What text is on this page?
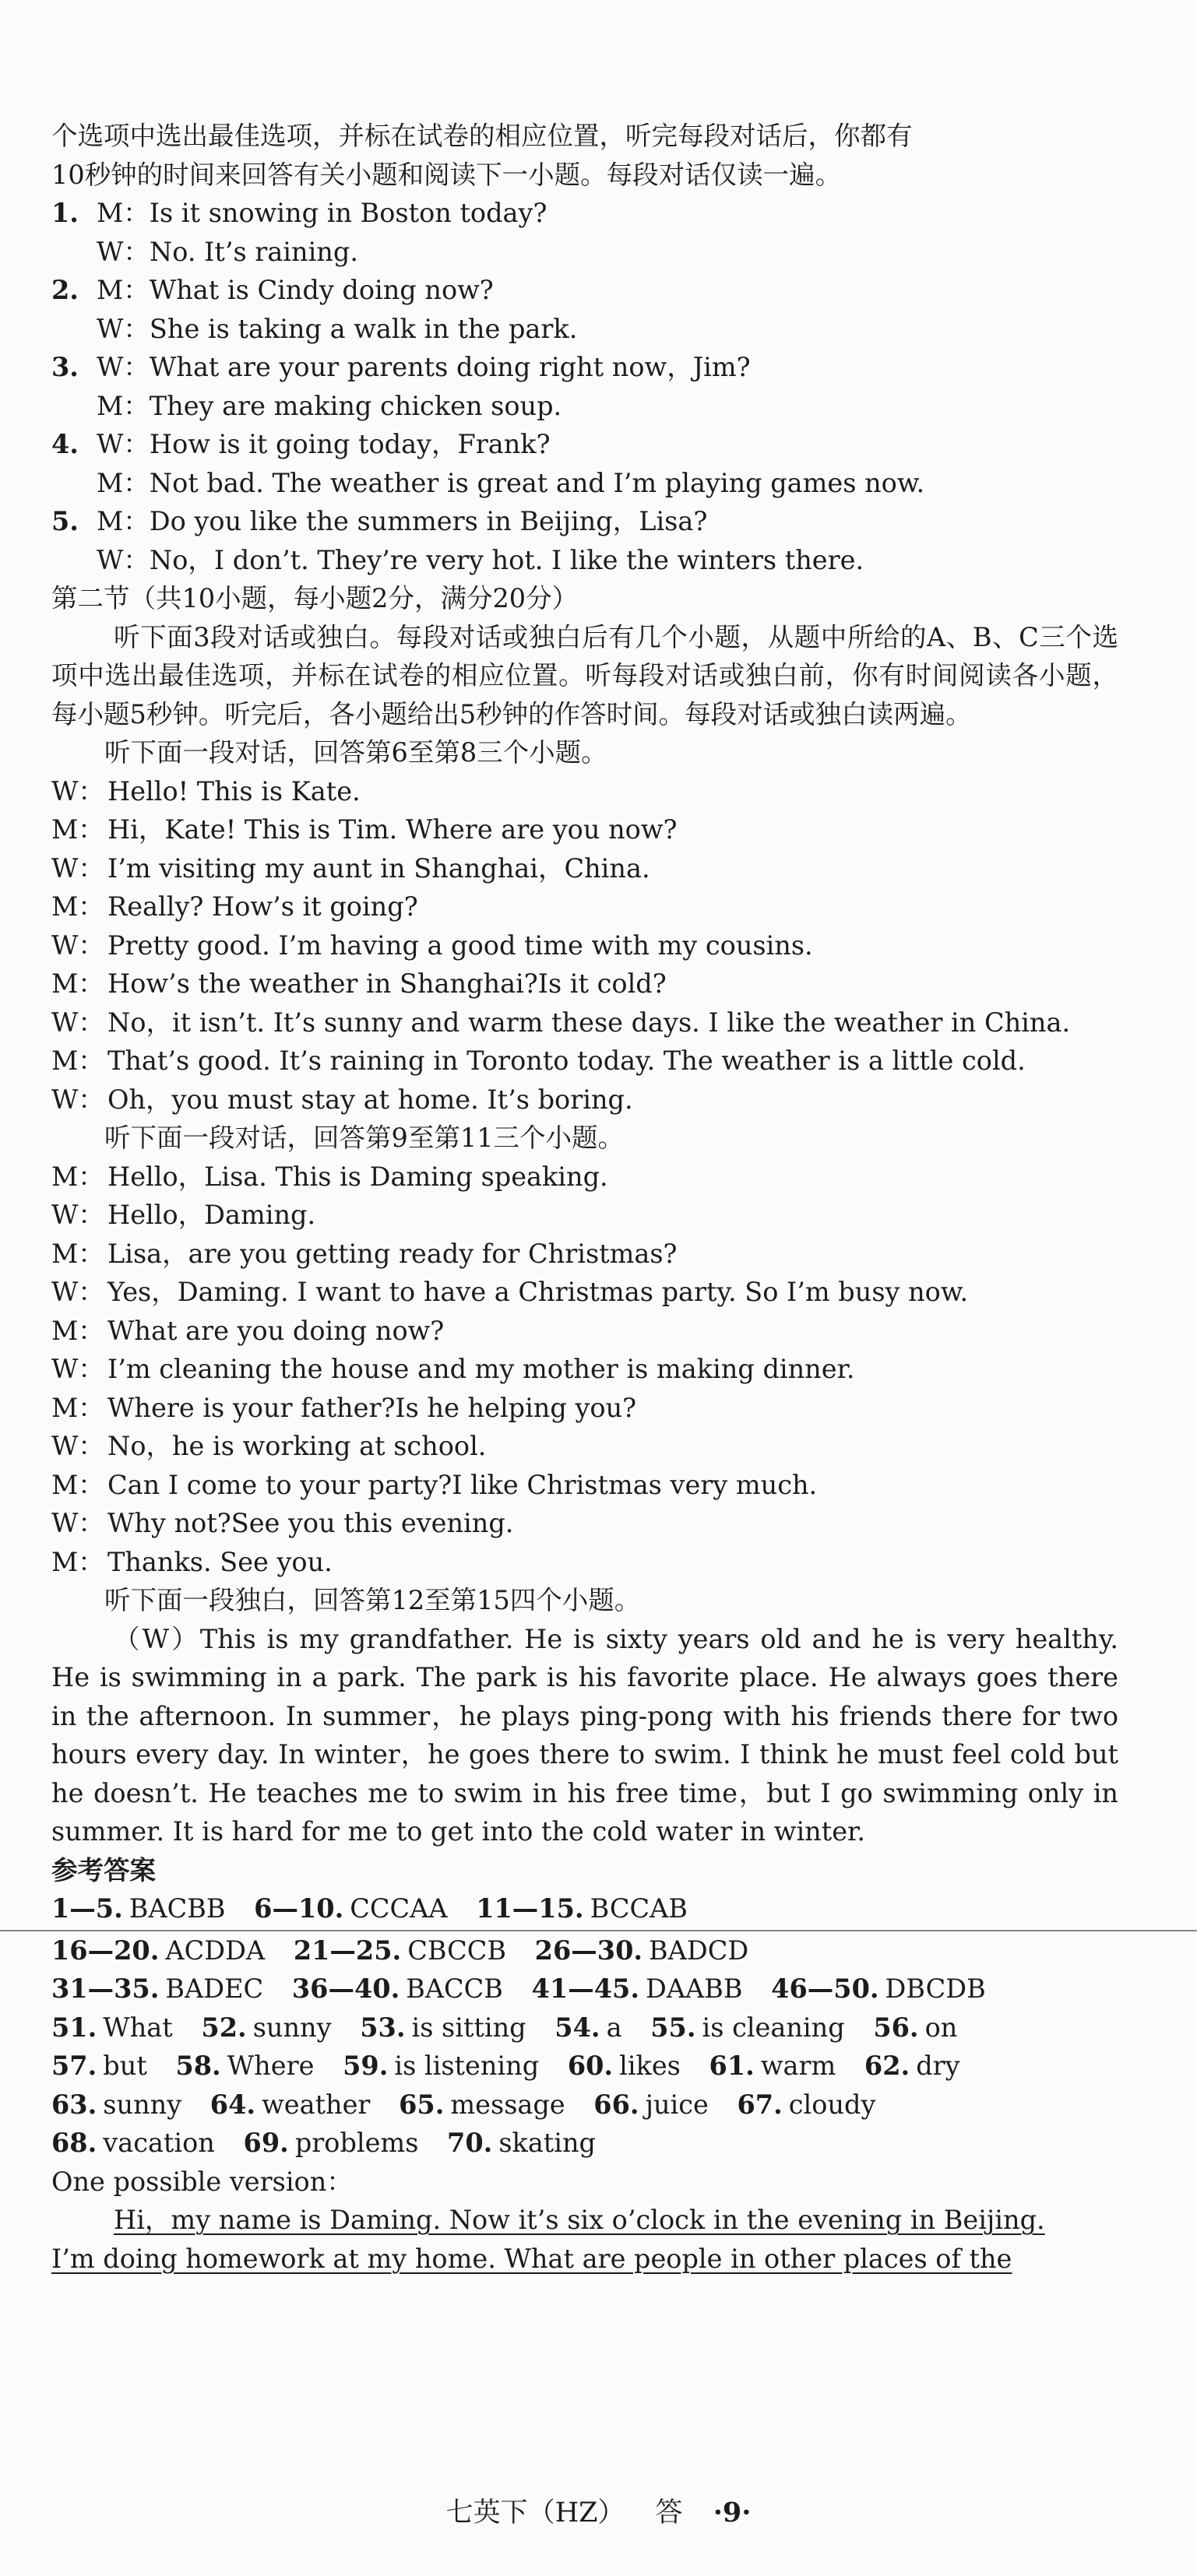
个选项中选出最佳选项，并标在试卷的相应位置，听完每段对话后，你都有
10秒钟的时间来回答有关小题和阅读下一小题。每段对话仅读一遍。
1. M：Is it snowing in Boston today?
W：No. It’s raining.
2. M：What is Cindy doing now?
W：She is taking a walk in the park.
3. W：What are your parents doing right now，Jim?
M：They are making chicken soup.
4. W：How is it going today，Frank?
M：Not bad. The weather is great and I’m playing games now.
5. M：Do you like the summers in Beijing，Lisa?
W：No，I don’t. They’re very hot. I like the winters there.
第二节（共10小题，每小题2分，满分20分）
听下面3段对话或独白。每段对话或独白后有几个小题，从题中所给的A、B、C三个选项中选出最佳选项，并标在试卷的相应位置。听每段对话或独白前，你有时间阅读各小题，每小题5秒钟。听完后，各小题给出5秒钟的作答时间。每段对话或独白读两遍。
听下面一段对话，回答第6至第8三个小题。
W： Hello! This is Kate.
M： Hi，Kate! This is Tim. Where are you now?
W： I’m visiting my aunt in Shanghai，China.
M： Really? How’s it going?
W： Pretty good. I’m having a good time with my cousins.
M： How’s the weather in Shanghai?Is it cold?
W： No，it isn’t. It’s sunny and warm these days. I like the weather in China.
M： That’s good. It’s raining in Toronto today. The weather is a little cold.
W： Oh，you must stay at home. It’s boring.
听下面一段对话，回答第9至第11三个小题。
M： Hello，Lisa. This is Daming speaking.
W： Hello，Daming.
M： Lisa，are you getting ready for Christmas?
W： Yes，Daming. I want to have a Christmas party. So I’m busy now.
M： What are you doing now?
W： I’m cleaning the house and my mother is making dinner.
M： Where is your father?Is he helping you?
W： No，he is working at school.
M： Can I come to your party?I like Christmas very much.
W： Why not?See you this evening.
M： Thanks. See you.
听下面一段独白，回答第12至第15四个小题。
（W）This is my grandfather. He is sixty years old and he is very healthy. He is swimming in a park. The park is his favorite place. He always goes there in the afternoon. In summer，he plays ping-pong with his friends there for two hours every day. In winter，he goes there to swim. I think he must feel cold but he doesn’t. He teaches me to swim in his free time，but I go swimming only in summer. It is hard for me to get into the cold water in winter.
参考答案
1—5. BACBB 6—10. CCCAA 11—15. BCCAB
16—20. ACDDA 21—25. CBCCB 26—30. BADCD
31—35. BADEC 36—40. BACCB 41—45. DAABB 46—50. DBCDB
51. What 52. sunny 53. is sitting 54. a 55. is cleaning 56. on
57. but 58. Where 59. is listening 60. likes 61. warm 62. dry
63. sunny 64. weather 65. message 66. juice 67. cloudy
68. vacation 69. problems 70. skating
One possible version：
Hi，my name is Daming. Now it’s six o’clock in the evening in Beijing.
I’m doing homework at my home. What are people in other places of the
七英下（HZ） 答 ·9·
